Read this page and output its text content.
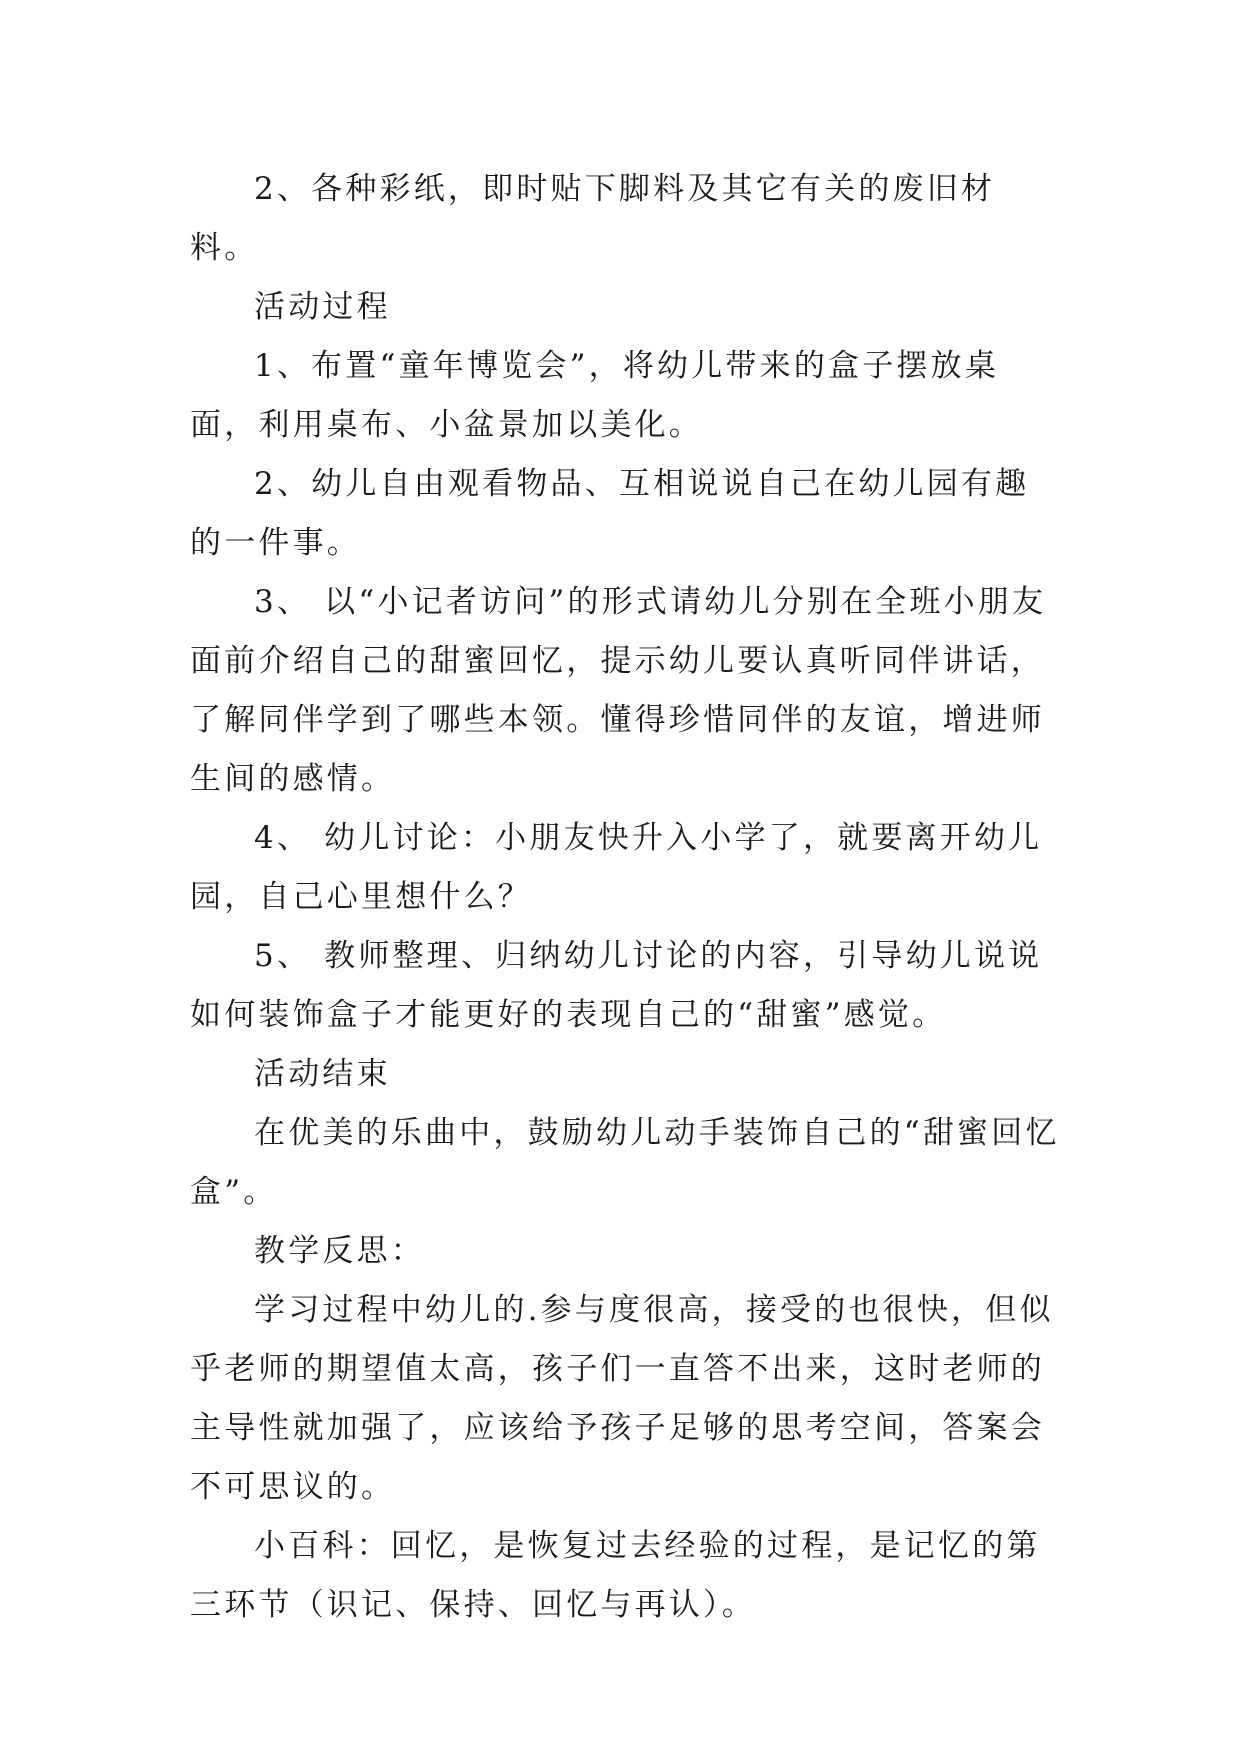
2、各种彩纸，即时贴下脚料及其它有关的废旧材料。

活动过程

1、布置“童年博览会”，将幼儿带来的盒子摆放桌面，利用桌布、小盆景加以美化。

2、幼儿自由观看物品、互相说说自己在幼儿园有趣的一件事。

3、 以“小记者访问”的形式请幼儿分别在全班小朋友面前介绍自己的甜蜜回忆，提示幼儿要认真听同伴讲话，了解同伴学到了哪些本领。懂得珍惜同伴的友谊，增进师生间的感情。

4、 幼儿讨论：小朋友快升入小学了，就要离开幼儿园，自己心里想什么？

5、 教师整理、归纳幼儿讨论的内容，引导幼儿说说如何装饰盒子才能更好的表现自己的“甜蜜”感觉。

活动结束

在优美的乐曲中，鼓励幼儿动手装饰自己的“甜蜜回忆盒”。

教学反思：

学习过程中幼儿的.参与度很高，接受的也很快，但似乎老师的期望值太高，孩子们一直答不出来，这时老师的主导性就加强了，应该给予孩子足够的思考空间，答案会不可思议的。

小百科：回忆，是恢复过去经验的过程，是记忆的第三环节（识记、保持、回忆与再认）。
